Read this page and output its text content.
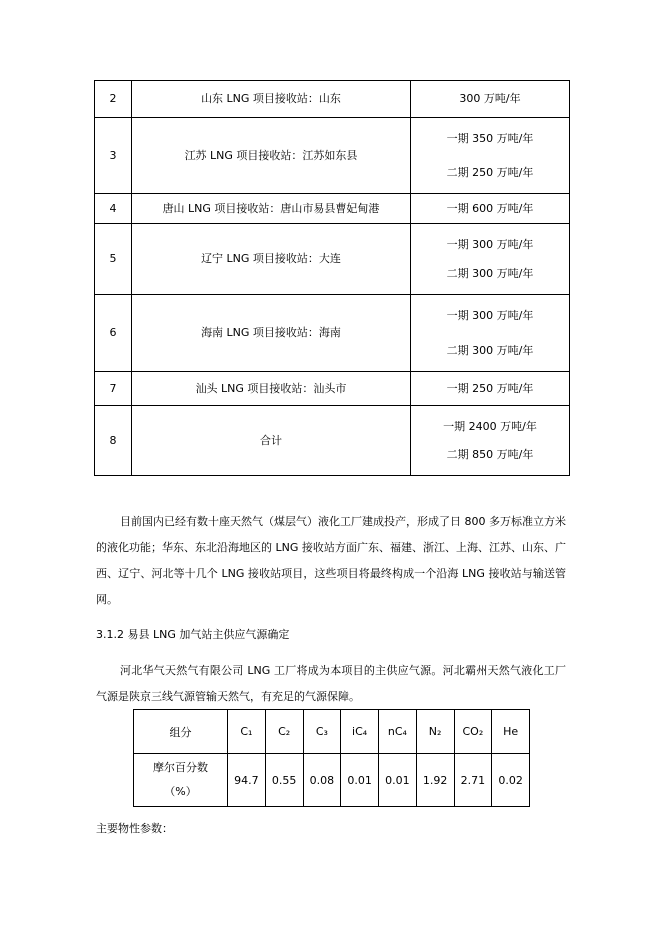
2	山东 LNG 项目接收站：山东	300 万吨/年

3	江苏 LNG 项目接收站：江苏如东县	一期 350 万吨/年
二期 250 万吨/年

4	唐山 LNG 项目接收站：唐山市易县曹妃甸港	一期 600 万吨/年

5	辽宁 LNG 项目接收站：大连	一期 300 万吨/年
二期 300 万吨/年

6	海南 LNG 项目接收站：海南	一期 300 万吨/年
二期 300 万吨/年

7	汕头 LNG 项目接收站：汕头市	一期 250 万吨/年

8	合计	一期 2400 万吨/年
二期 850 万吨/年

目前国内已经有数十座天然气（煤层气）液化工厂建成投产，形成了日 800 多万标准立方米的液化功能；华东、东北沿海地区的 LNG 接收站方面广东、福建、浙江、上海、江苏、山东、广西、辽宁、河北等十几个 LNG 接收站项目，这些项目将最终构成一个沿海 LNG 接收站与输送管网。

3.1.2 易县 LNG 加气站主供应气源确定

河北华气天然气有限公司 LNG 工厂将成为本项目的主供应气源。河北霸州天然气液化工厂气源是陕京三线气源管输天然气，有充足的气源保障。

组分	C₁	C₂	C₃	iC₄	nC₄	N₂	CO₂	He

摩尔百分数
（%）	94.7	0.55	0.08	0.01	0.01	1.92	2.71	0.02

主要物性参数：
